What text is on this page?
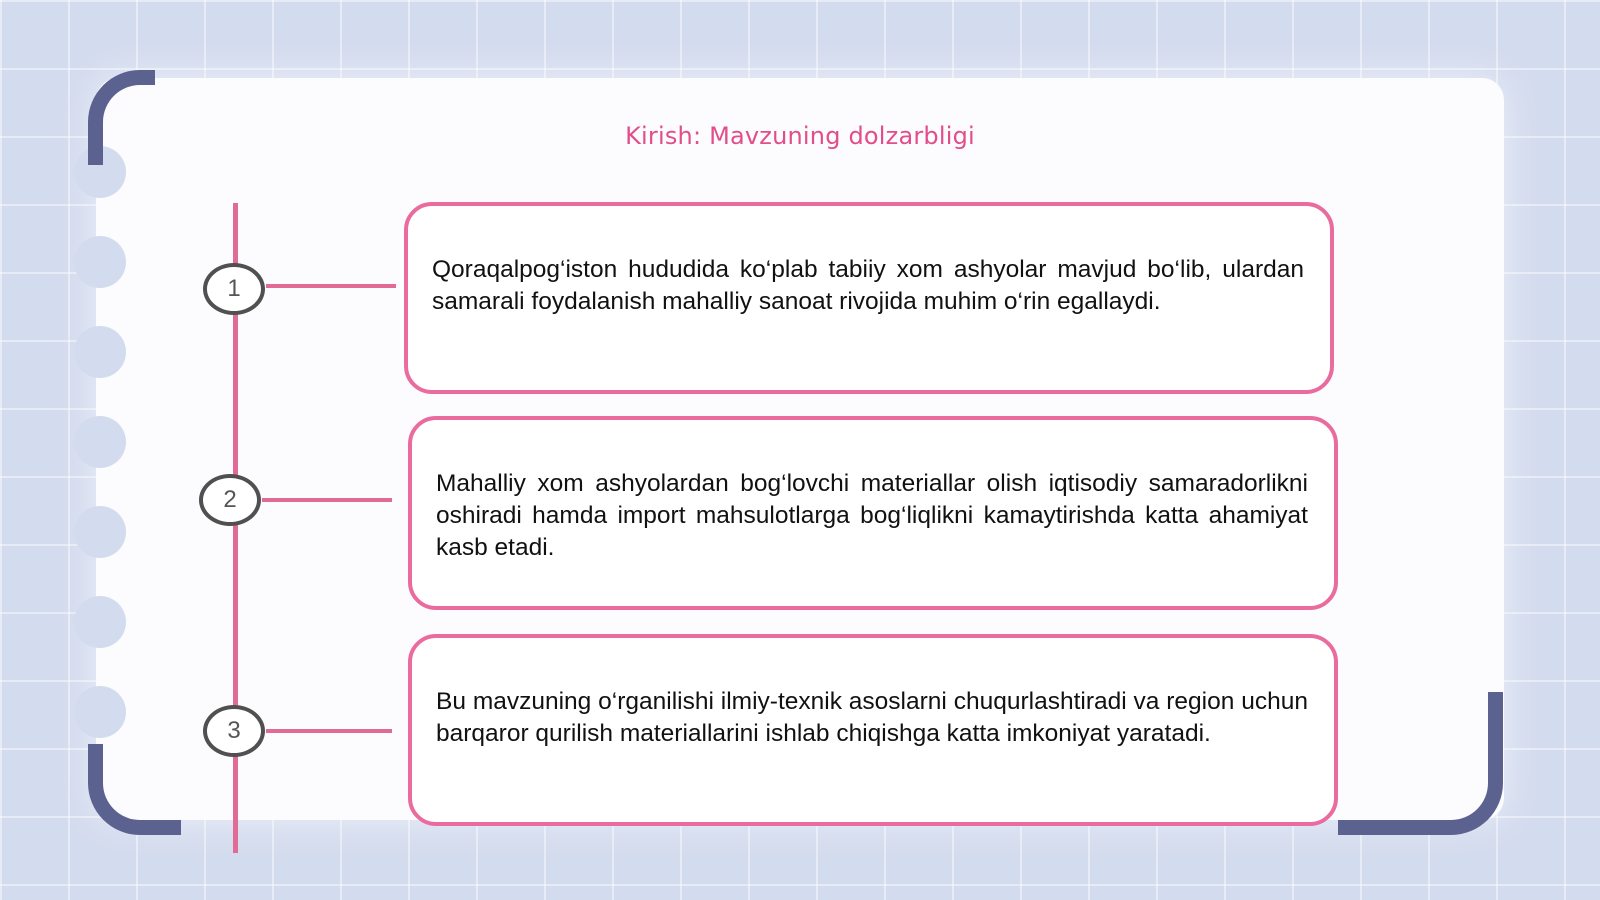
Kirish: Mavzuning dolzarbligi
1

Qoraqalpog‘iston hududida ko‘plab tabiiy xom ashyolar mavjud bo‘lib, ulardan samarali foydalanish mahalliy sanoat rivojida muhim o‘rin egallaydi.

2

Mahalliy xom ashyolardan bog‘lovchi materiallar olish iqtisodiy samaradorlikni oshiradi hamda import mahsulotlarga bog‘liqlikni kamaytirishda katta ahamiyat kasb etadi.

3

Bu mavzuning o‘rganilishi ilmiy-texnik asoslarni chuqurlashtiradi va region uchun barqaror qurilish materiallarini ishlab chiqishga katta imkoniyat yaratadi.
